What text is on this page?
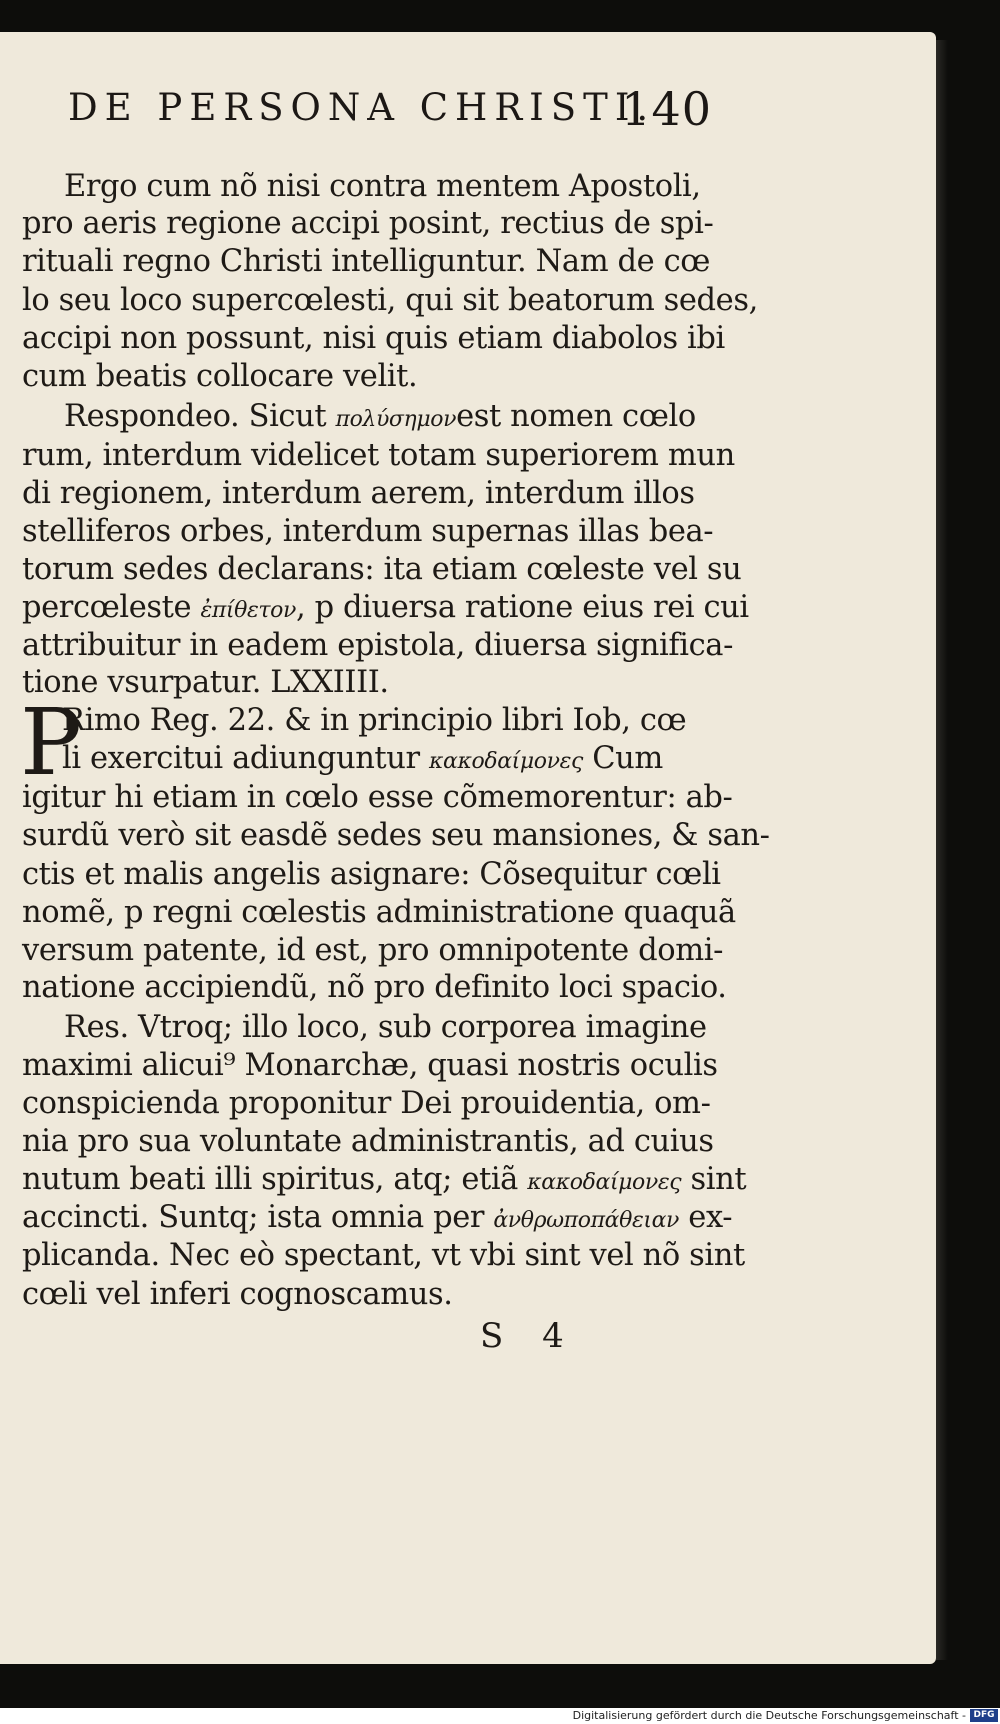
DE PERSONA CHRISTI.
140
Ergo cum nõ nisi contra mentem Apostoli,
pro aeris regione accipi posint, rectius de spi-
rituali regno Christi intelliguntur. Nam de cœ
lo seu loco supercœlesti, qui sit beatorum sedes,
accipi non possunt, nisi quis etiam diabolos ibi
cum beatis collocare velit.
Respondeo. Sicut πολύσημονest nomen cœlo
rum, interdum videlicet totam superiorem mun
di regionem, interdum aerem, interdum illos
stelliferos orbes, interdum supernas illas bea-
torum sedes declarans: ita etiam cœleste vel su
percœleste ἐπίθετον, p diuersa ratione eius rei cui
attribuitur in eadem epistola, diuersa significa-
tione vsurpatur. LXXIIII.
Rimo Reg. 22. & in principio libri Iob, cœ
li exercitui adiunguntur κακοδαίμονες Cum
igitur hi etiam in cœlo esse cõmemorentur: ab-
surdũ verò sit easdẽ sedes seu mansiones, & san-
ctis et malis angelis asignare: Cõsequitur cœli
nomẽ, p regni cœlestis administratione quaquã
versum patente, id est, pro omnipotente domi-
natione accipiendũ, nõ pro definito loci spacio.
Res. Vtroq; illo loco, sub corporea imagine
maximi alicui⁹ Monarchæ, quasi nostris oculis
conspicienda proponitur Dei prouidentia, om-
nia pro sua voluntate administrantis, ad cuius
nutum beati illi spiritus, atq; etiã κακοδαίμονες sint
accincti. Suntq; ista omnia per ἀνθρωποπάθειαν ex-
plicanda. Nec eò spectant, vt vbi sint vel nõ sint
cœli vel inferi cognoscamus.
P
S 4
Digitalisierung gefördert durch die Deutsche Forschungsgemeinschaft - DFG
